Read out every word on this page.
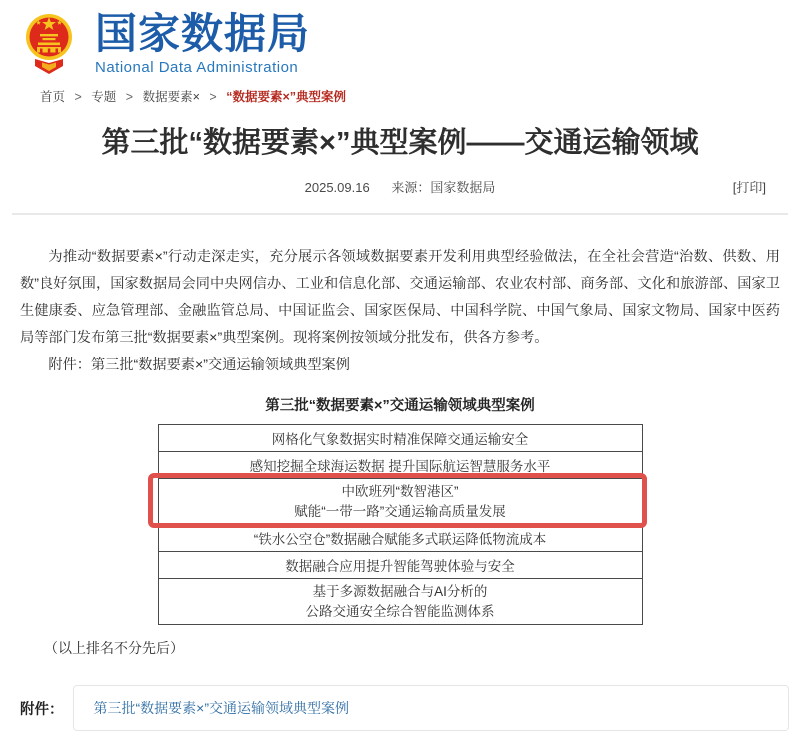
国家数据局
National Data Administration
首页 > 专题 > 数据要素× > “数据要素×”典型案例
第三批“数据要素×”典型案例——交通运输领域
2025.09.16 来源：国家数据局	[打印]

为推动“数据要素×”行动走深走实，充分展示各领域数据要素开发利用典型经验做法，在全社会营造“治数、供数、用数”良好氛围，国家数据局会同中央网信办、工业和信息化部、交通运输部、农业农村部、商务部、文化和旅游部、国家卫生健康委、应急管理部、金融监管总局、中国证监会、国家医保局、中国科学院、中国气象局、国家文物局、国家中医药局等部门发布第三批“数据要素×”典型案例。现将案例按领域分批发布，供各方参考。

附件：第三批“数据要素×”交通运输领域典型案例

第三批“数据要素×”交通运输领域典型案例
网格化气象数据实时精准保障交通运输安全

感知挖掘全球海运数据 提升国际航运智慧服务水平

中欧班列“数智港区”
赋能“一带一路”交通运输高质量发展

“铁水公空仓”数据融合赋能多式联运降低物流成本

数据融合应用提升智能驾驶体验与安全

基于多源数据融合与AI分析的
公路交通安全综合智能监测体系
（以上排名不分先后）
附件： 第三批“数据要素×”交通运输领域典型案例
